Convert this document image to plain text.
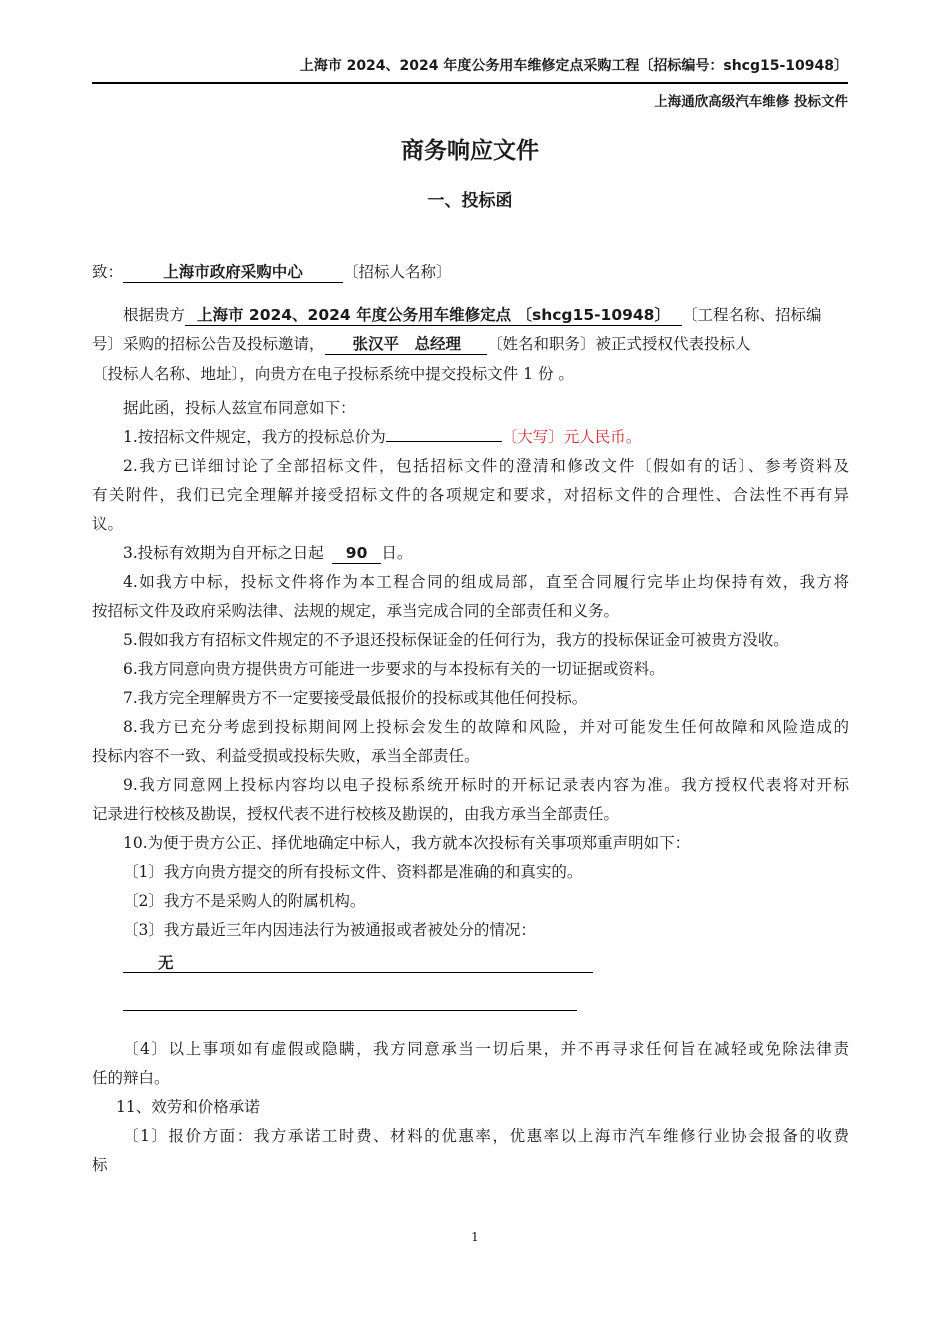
上海市 2024、2024 年度公务用车维修定点采购工程〔招标编号：shcg15-10948〕
上海通欣高级汽车维修 投标文件
商务响应文件
一、投标函
致：	上海市政府采购中心	〔招标人名称〕
根据贵方 上海市 2024、2024 年度公务用车维修定点 〔shcg15-10948〕 〔工程名称、招标编
号〕采购的招标公告及投标邀请， 张汉平　总经理 〔姓名和职务〕被正式授权代表投标人
〔投标人名称、地址〕，向贵方在电子投标系统中提交投标文件 1 份 。
据此函，投标人兹宣布同意如下：
1.按招标文件规定，我方的投标总价为	〔大写〕元人民币。
2.我方已详细讨论了全部招标文件，包括招标文件的澄清和修改文件〔假如有的话〕、参考资料及
有关附件，我们已完全理解并接受招标文件的各项规定和要求，对招标文件的合理性、合法性不再有异
议。
3.投标有效期为自开标之日起 90 日。
4.如我方中标，投标文件将作为本工程合同的组成局部，直至合同履行完毕止均保持有效，我方将
按招标文件及政府采购法律、法规的规定，承当完成合同的全部责任和义务。
5.假如我方有招标文件规定的不予退还投标保证金的任何行为，我方的投标保证金可被贵方没收。
6.我方同意向贵方提供贵方可能进一步要求的与本投标有关的一切证据或资料。
7.我方完全理解贵方不一定要接受最低报价的投标或其他任何投标。
8.我方已充分考虑到投标期间网上投标会发生的故障和风险，并对可能发生任何故障和风险造成的
投标内容不一致、利益受损或投标失败，承当全部责任。
9.我方同意网上投标内容均以电子投标系统开标时的开标记录表内容为准。我方授权代表将对开标
记录进行校核及勘误，授权代表不进行校核及勘误的，由我方承当全部责任。
10.为便于贵方公正、择优地确定中标人，我方就本次投标有关事项郑重声明如下：
〔1〕我方向贵方提交的所有投标文件、资料都是准确的和真实的。
〔2〕我方不是采购人的附属机构。
〔3〕我方最近三年内因违法行为被通报或者被处分的情况：
无
〔4〕以上事项如有虚假或隐瞒，我方同意承当一切后果，并不再寻求任何旨在减轻或免除法律责
任的辩白。
11、效劳和价格承诺
〔1〕报价方面：我方承诺工时费、材料的优惠率，优惠率以上海市汽车维修行业协会报备的收费
标
1
